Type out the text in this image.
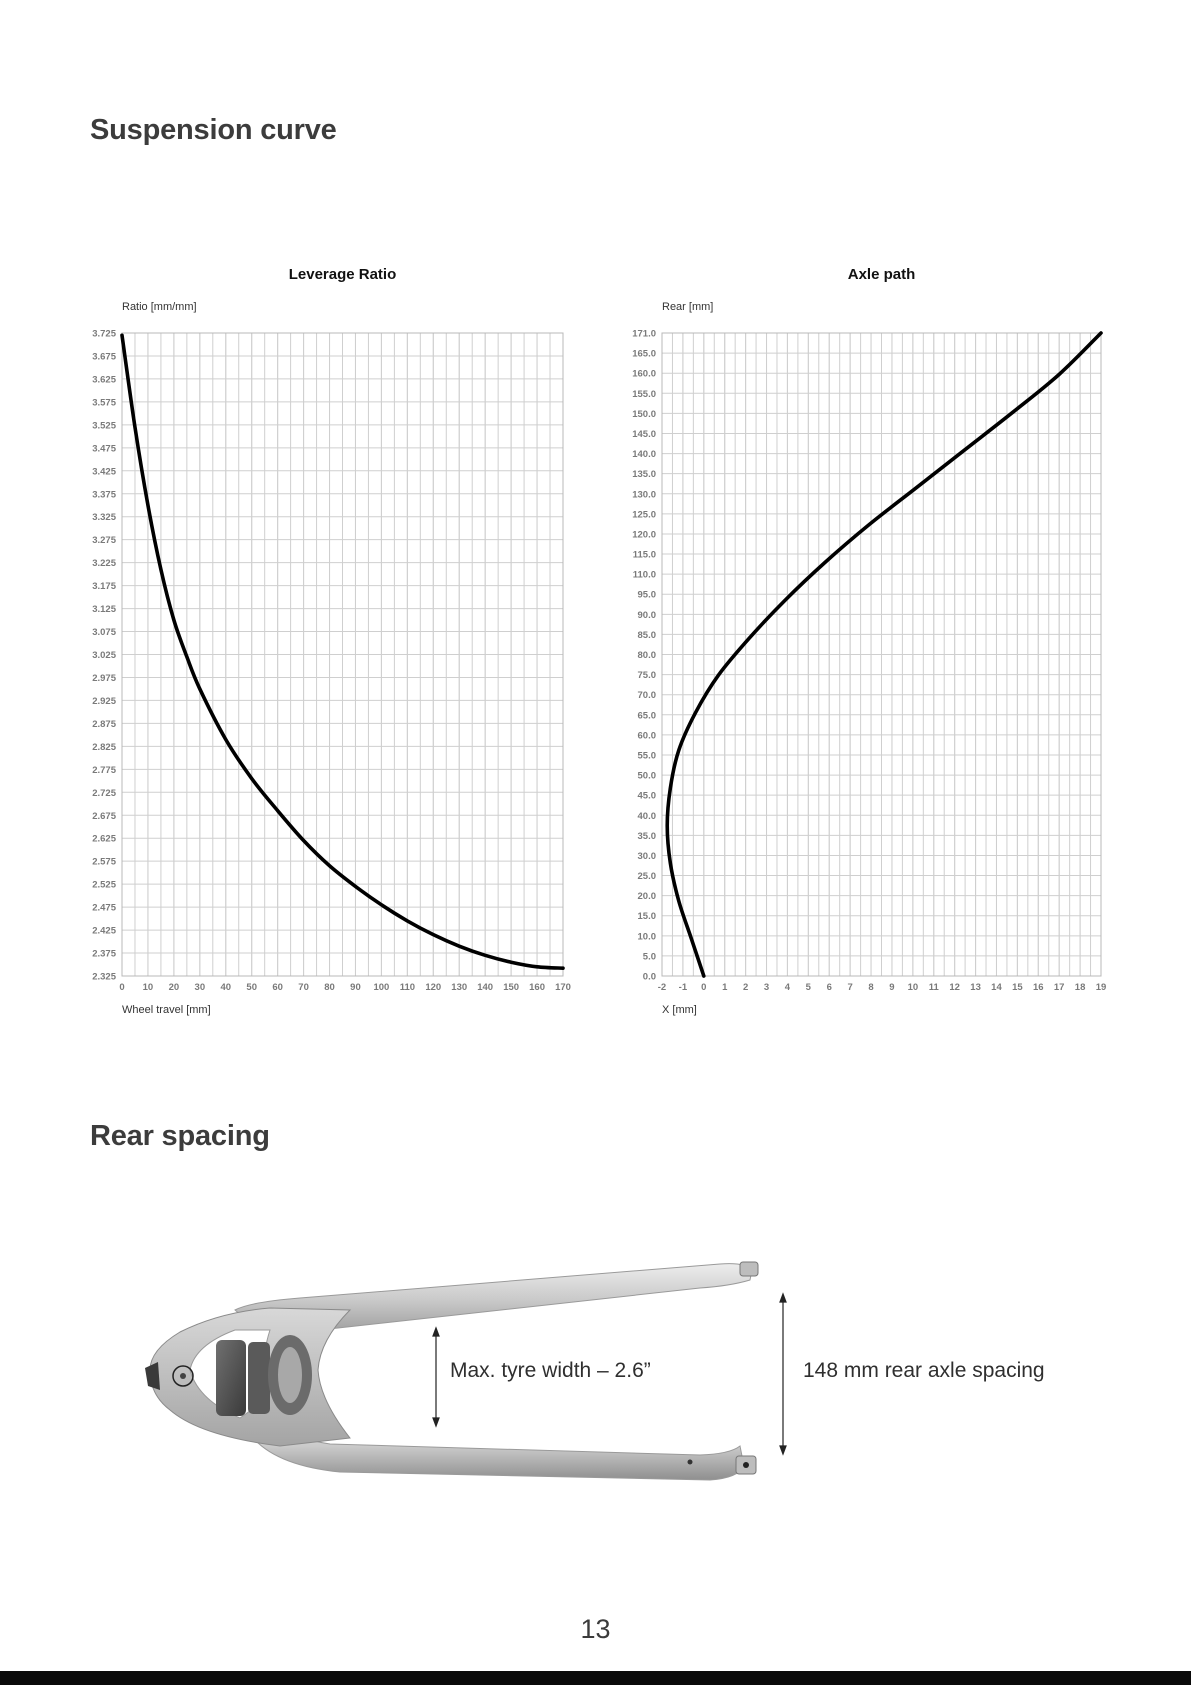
Suspension curve
Leverage Ratio
Ratio [mm/mm]
Wheel travel [mm]
0 10 20 30 40 50 60 70 80 90 100 110 120 130 140 150 160 170
2.325
2.375
2.425
2.475
2.525
2.575
2.625
2.675
2.725
2.775
2.825
2.875
2.925
2.975
3.025
3.075
3.125
3.175
3.225
3.275
3.325
3.375
3.425
3.475
3.525
3.575
3.625
3.675
3.725
Axle path
Rear [mm]
X [mm]
-2 -1 0 1 2 3 4 5 6 7 8 9 10 11 12 13 14 15 16 17 18 19
0.0
5.0
10.0
15.0
20.0
25.0
30.0
35.0
40.0
45.0
50.0
55.0
60.0
65.0
70.0
75.0
80.0
85.0
90.0
95.0
110.0
115.0
120.0
125.0
130.0
135.0
140.0
145.0
150.0
155.0
160.0
165.0
171.0
Rear spacing

Max. tyre width – 2.6”	148 mm rear axle spacing

13
